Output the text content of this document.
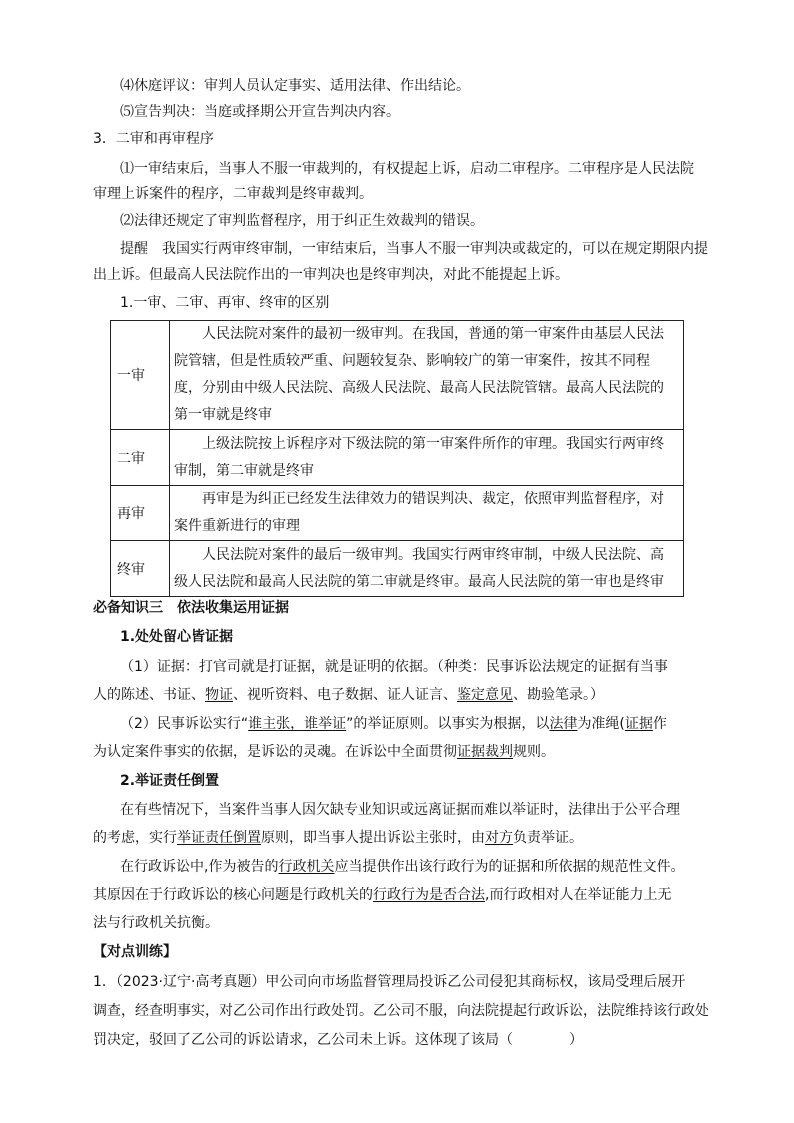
⑷休庭评议：审判人员认定事实、适用法律、作出结论。
⑸宣告判决：当庭或择期公开宣告判决内容。
3．二审和再审程序
⑴一审结束后，当事人不服一审裁判的，有权提起上诉，启动二审程序。二审程序是人民法院
审理上诉案件的程序，二审裁判是终审裁判。
⑵法律还规定了审判监督程序，用于纠正生效裁判的错误。
提醒　我国实行两审终审制，一审结束后，当事人不服一审判决或裁定的，可以在规定期限内提
出上诉。但最高人民法院作出的一审判决也是终审判决，对此不能提起上诉。
1.一审、二审、再审、终审的区别
一审	人民法院对案件的最初一级审判。在我国，普通的第一审案件由基层人民法院管辖，但是性质较严重、问题较复杂、影响较广的第一审案件，按其不同程度，分别由中级人民法院、高级人民法院、最高人民法院管辖。最高人民法院的第一审就是终审
二审	上级法院按上诉程序对下级法院的第一审案件所作的审理。我国实行两审终审制，第二审就是终审
再审	再审是为纠正已经发生法律效力的错误判决、裁定，依照审判监督程序，对案件重新进行的审理
终审	人民法院对案件的最后一级审判。我国实行两审终审制，中级人民法院、高级人民法院和最高人民法院的第二审就是终审。最高人民法院的第一审也是终审
必备知识三　依法收集运用证据
1.处处留心皆证据
（1）证据：打官司就是打证据，就是证明的依据。（种类：民事诉讼法规定的证据有当事
人的陈述、书证、物证、视听资料、电子数据、证人证言、鉴定意见、勘验笔录。）
（2）民事诉讼实行“谁主张，谁举证”的举证原则。以事实为根据，以法律为准绳(证据作
为认定案件事实的依据，是诉讼的灵魂。在诉讼中全面贯彻证据裁判规则。
2.举证责任倒置
在有些情况下，当案件当事人因欠缺专业知识或远离证据而难以举证时，法律出于公平合理
的考虑，实行举证责任倒置原则，即当事人提出诉讼主张时，由对方负责举证。
在行政诉讼中,作为被告的行政机关应当提供作出该行政行为的证据和所依据的规范性文件。
其原因在于行政诉讼的核心问题是行政机关的行政行为是否合法,而行政相对人在举证能力上无
法与行政机关抗衡。
【对点训练】
1．（2023·辽宁·高考真题）甲公司向市场监督管理局投诉乙公司侵犯其商标权，该局受理后展开
调查，经查明事实，对乙公司作出行政处罚。乙公司不服，向法院提起行政诉讼，法院维持该行政处
罚决定，驳回了乙公司的诉讼请求，乙公司未上诉。这体现了该局（	）
